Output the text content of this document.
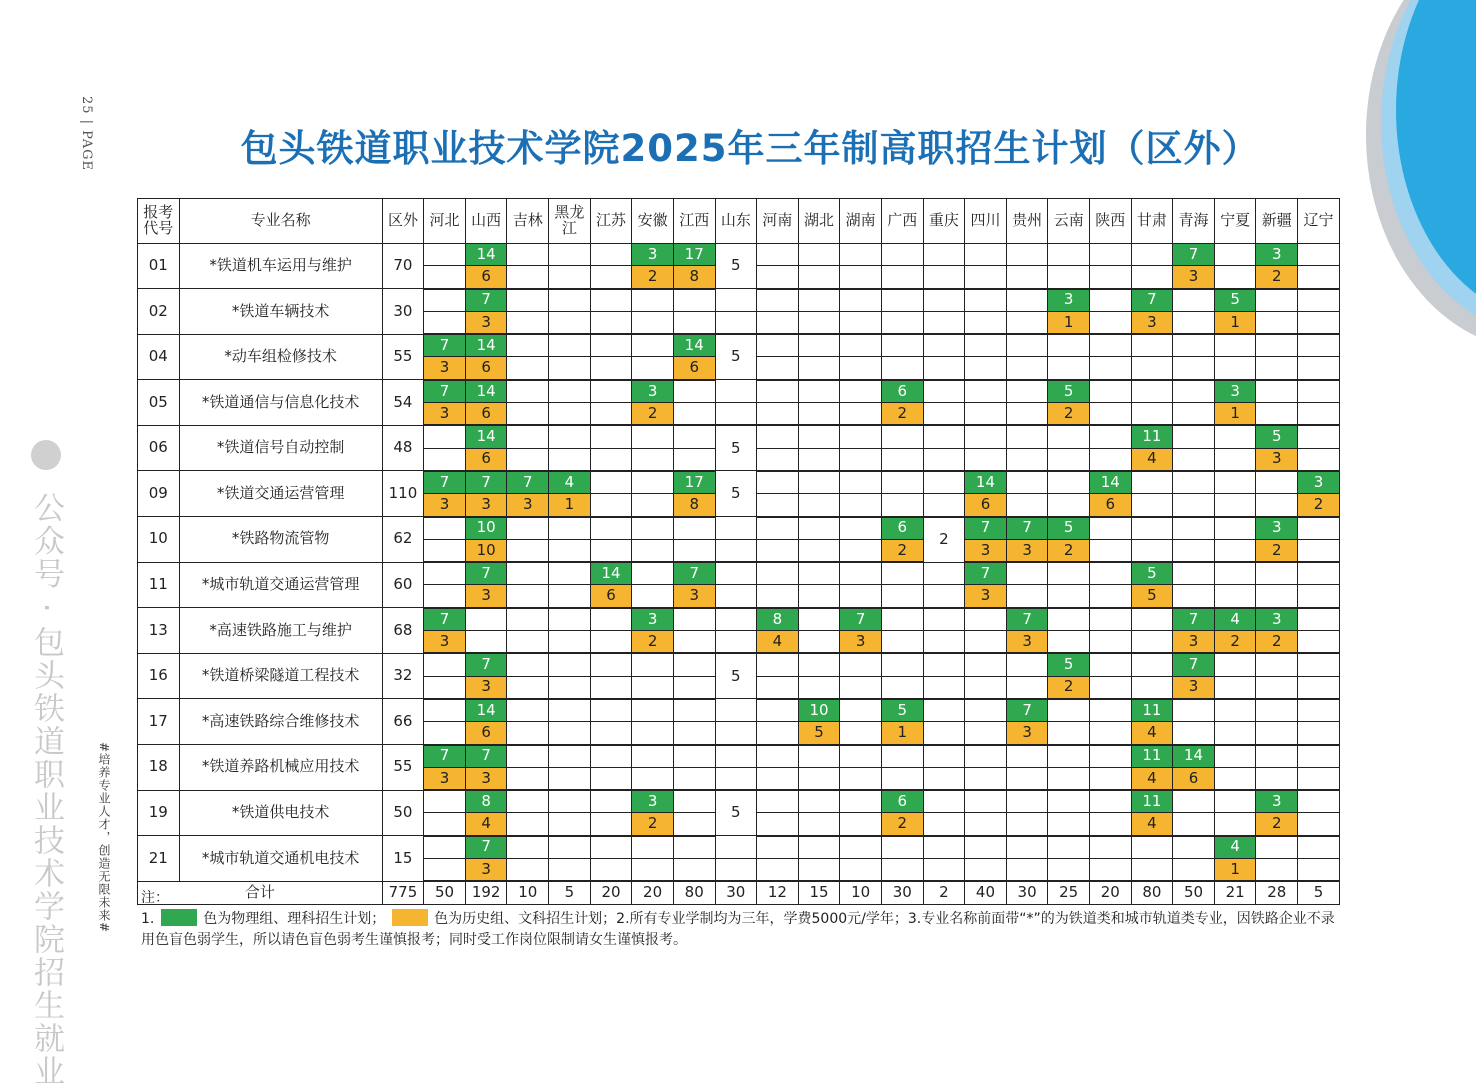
25 | PAGE
公众号 · 包头铁道职业技术学院招生就业	#培养专业人才，创造无限未来#
包头铁道职业技术学院2025年三年制高职招生计划（区外）
报考代号	专业名称	区外	河北	山西	吉林	黑龙江	江苏	安徽	江西	山东	河南	湖北	湖南	广西	重庆	四川	贵州	云南	陕西	甘肃	青海	宁夏	新疆	辽宁
01	*铁道机车运用与维护	70		14				3	17	5											7		3	
				6				2	8												3		2	
02	*铁道车辆技术	30		7														3		7		5		
				3														1		3		1		
04	*动车组检修技术	55	7	14					14	5														
			3	6					6															
05	*铁道通信与信息化技术	54	7	14				3						6				5				3		
			3	6				2						2				2				1		
06	*铁道信号自动控制	48		14						5										11			5	
				6																4			3	
09	*铁道交通运营管理	110	7	7	7	4			17	5						14			14					3
			3	3	3	1			8							6			6					2
10	*铁路物流管物	62		10										6	2	7	7	5					3	
				10										2		3	3	2					2	
11	*城市轨道交通运营管理	60		7			14		7							7				5				
				3			6		3							3				5				
13	*高速铁路施工与维护	68	7					3			8		7				7				7	4	3	
			3					2			4		3				3				3	2	2	
16	*铁道桥梁隧道工程技术	32		7						5								5			7			
				3														2			3			
17	*高速铁路综合维修技术	66		14								10		5			7			11				
				6								5		1			3			4				
18	*铁道养路机械应用技术	55	7	7																11	14			
			3	3																4	6			
19	*铁道供电技术	50		8				3		5				6						11			3	
				4				2						2						4			2	
21	*城市轨道交通机电技术	15		7																		4		
				3																		1		
合计		775	50	192	10	5	20	20	80	30	12	15	10	30	2	40	30	25	20	80	50	21	28	5
注：
1.	色为物理组、理科招生计划；	色为历史组、文科招生计划；2.所有专业学制均为三年，学费5000元/学年；3.专业名称前面带“*”的为铁道类和城市轨道类专业，因铁路企业不录用色盲色弱学生，所以请色盲色弱考生谨慎报考；同时受工作岗位限制请女生谨慎报考。
